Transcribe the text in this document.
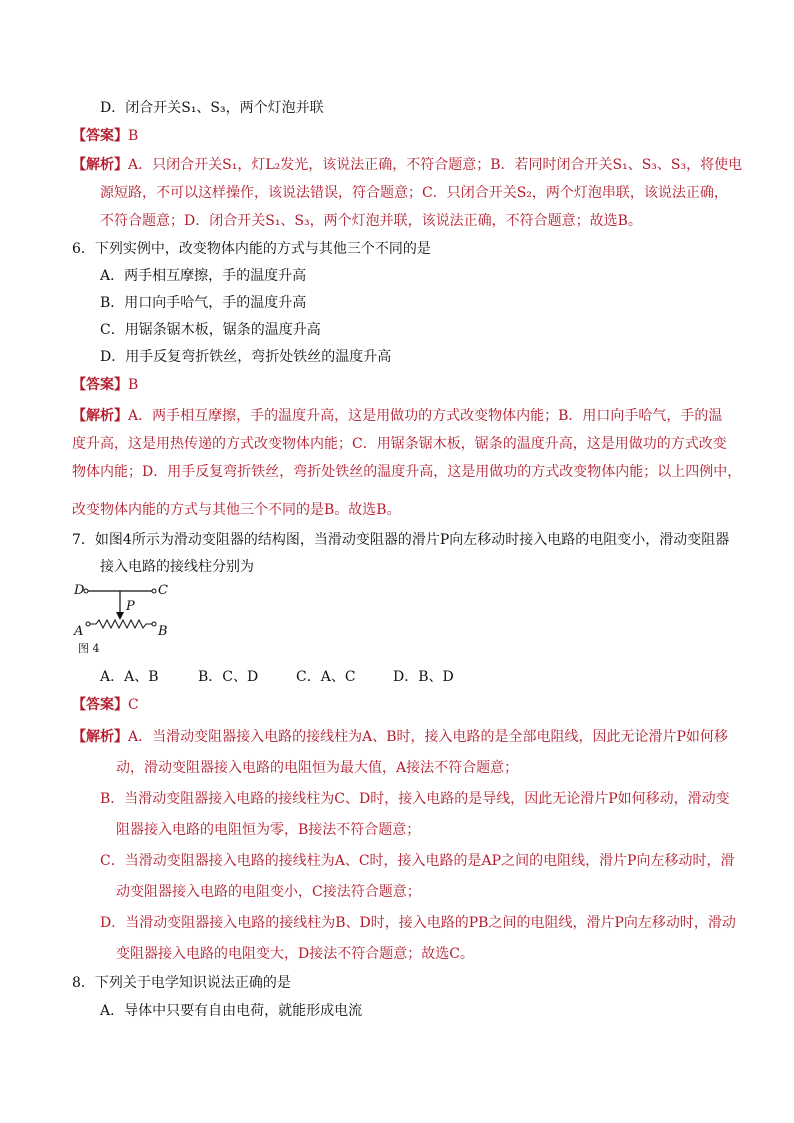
D．闭合开关S₁、S₃，两个灯泡并联
【答案】B
【解析】A．只闭合开关S₁，灯L₂发光，该说法正确，不符合题意；B．若同时闭合开关S₁、S₃、S₃，将使电
源短路，不可以这样操作，该说法错误，符合题意；C．只闭合开关S₂，两个灯泡串联，该说法正确，
不符合题意；D．闭合开关S₁、S₃，两个灯泡并联，该说法正确，不符合题意；故选B。
6．下列实例中，改变物体内能的方式与其他三个不同的是
A．两手相互摩擦，手的温度升高
B．用口向手哈气，手的温度升高
C．用锯条锯木板，锯条的温度升高
D．用手反复弯折铁丝，弯折处铁丝的温度升高
【答案】B
【解析】A．两手相互摩擦，手的温度升高，这是用做功的方式改变物体内能；B．用口向手哈气，手的温
度升高，这是用热传递的方式改变物体内能；C．用锯条锯木板，锯条的温度升高，这是用做功的方式改变
物体内能；D．用手反复弯折铁丝，弯折处铁丝的温度升高，这是用做功的方式改变物体内能；以上四例中，
改变物体内能的方式与其他三个不同的是B。故选B。
7．如图4所示为滑动变阻器的结构图，当滑动变阻器的滑片P向左移动时接入电路的电阻变小，滑动变阻器
接入电路的接线柱分别为
D	C
P
A	B
图 4
A．A、B	B．C、D	C．A、C	D．B、D
【答案】C
【解析】A．当滑动变阻器接入电路的接线柱为A、B时，接入电路的是全部电阻线，因此无论滑片P如何移
动，滑动变阻器接入电路的电阻恒为最大值，A接法不符合题意；
B．当滑动变阻器接入电路的接线柱为C、D时，接入电路的是导线，因此无论滑片P如何移动，滑动变
阻器接入电路的电阻恒为零，B接法不符合题意；
C．当滑动变阻器接入电路的接线柱为A、C时，接入电路的是AP之间的电阻线，滑片P向左移动时，滑
动变阻器接入电路的电阻变小，C接法符合题意；
D．当滑动变阻器接入电路的接线柱为B、D时，接入电路的PB之间的电阻线，滑片P向左移动时，滑动
变阻器接入电路的电阻变大，D接法不符合题意；故选C。
8．下列关于电学知识说法正确的是
A．导体中只要有自由电荷，就能形成电流
